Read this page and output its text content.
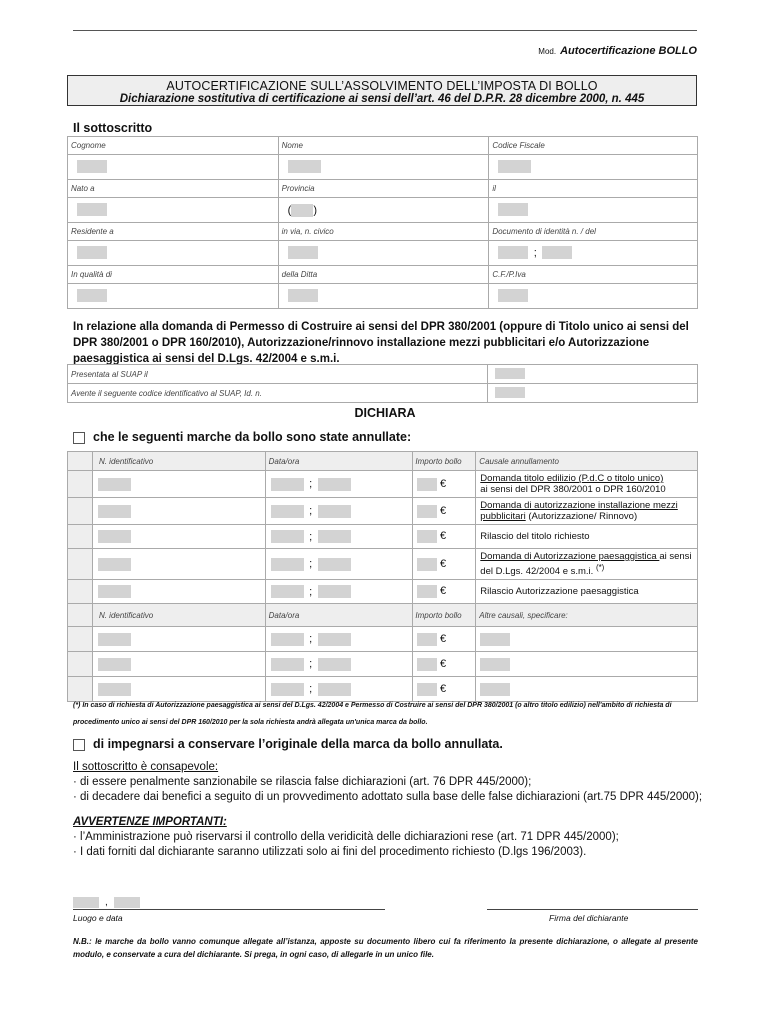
Mod. Autocertificazione BOLLO
AUTOCERTIFICAZIONE SULL’ASSOLVIMENTO DELL’IMPOSTA DI BOLLO
Dichiarazione sostitutiva di certificazione ai sensi dell’art. 46 del D.P.R. 28 dicembre 2000, n. 445
Il sottoscritto
Cognome	Nome	Codice Fiscale

Nato a	Provincia	il
	( )	
Residente a	in via, n. civico	Documento di identità n. / del
		;
In qualità di	della Ditta	C.F./P.Iva

In relazione alla domanda di Permesso di Costruire ai sensi del DPR 380/2001 (oppure di Titolo unico ai sensi del DPR 380/2001 o DPR 160/2010), Autorizzazione/rinnovo installazione mezzi pubblicitari e/o Autorizzazione paesaggistica ai sensi del D.Lgs. 42/2004 e s.m.i.
Presentata al SUAP il	
Avente il seguente codice identificativo al SUAP, Id. n.	
DICHIARA
che le seguenti marche da bollo sono state annullate:
	N. identificativo	Data/ora	Importo bollo	Causale annullamento
		;	€	Domanda titolo edilizio (P.d.C o titolo unico)
ai sensi del DPR 380/2001 o DPR 160/2010
		;	€	Domanda di autorizzazione installazione mezzi
pubblicitari (Autorizzazione/ Rinnovo)
		;	€	Rilascio del titolo richiesto
		;	€	Domanda di Autorizzazione paesaggistica ai sensi
del D.Lgs. 42/2004 e s.m.i. (*)
		;	€	Rilascio Autorizzazione paesaggistica
	N. identificativo	Data/ora	Importo bollo	Altre causali, specificare:
		;	€	
		;	€	
		;	€	
(*) In caso di richiesta di Autorizzazione paesaggistica ai sensi del D.Lgs. 42/2004 e Permesso di Costruire ai sensi del DPR 380/2001 (o altro titolo edilizio) nell'ambito di richiesta di procedimento unico ai sensi del DPR 160/2010 per la sola richiesta andrà allegata un'unica marca da bollo.
di impegnarsi a conservare l’originale della marca da bollo annullata.
Il sottoscritto è consapevole:
· di essere penalmente sanzionabile se rilascia false dichiarazioni (art. 76 DPR 445/2000);
· di decadere dai benefici a seguito di un provvedimento adottato sulla base delle false dichiarazioni (art.75 DPR 445/2000);
AVVERTENZE IMPORTANTI:
· l’Amministrazione può riservarsi il controllo della veridicità delle dichiarazioni rese (art. 71 DPR 445/2000);
· I dati forniti dal dichiarante saranno utilizzati solo ai fini del procedimento richiesto (D.lgs 196/2003).
,
Luogo e data	Firma del dichiarante
N.B.: le marche da bollo vanno comunque allegate all’istanza, apposte su documento libero cui fa riferimento la presente dichiarazione, o allegate al presente modulo, e conservate a cura del dichiarante. Si prega, in ogni caso, di allegarle in un unico file.
